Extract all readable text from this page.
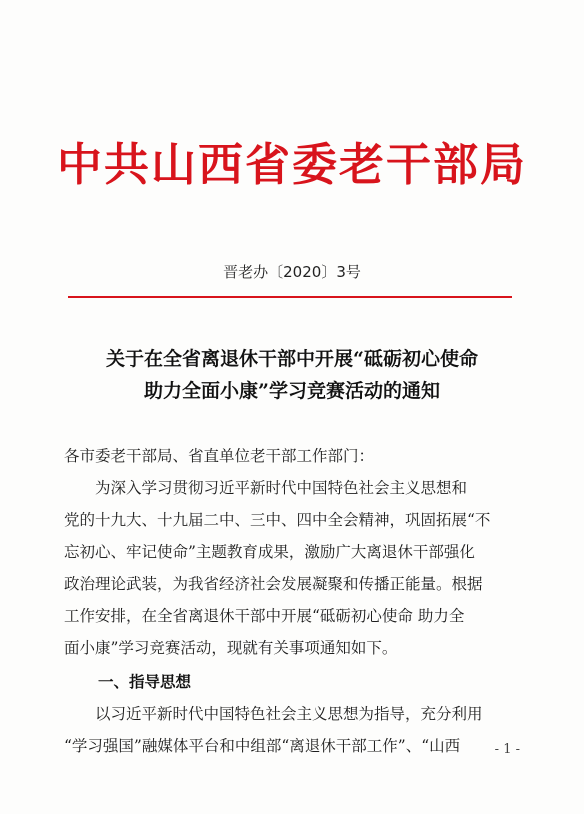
中共山西省委老干部局
晋老办〔2020〕3号
关于在全省离退休干部中开展“砥砺初心使命
助力全面小康”学习竞赛活动的通知
各市委老干部局、省直单位老干部工作部门：
为深入学习贯彻习近平新时代中国特色社会主义思想和
党的十九大、十九届二中、三中、四中全会精神，巩固拓展“不
忘初心、牢记使命”主题教育成果，激励广大离退休干部强化
政治理论武装，为我省经济社会发展凝聚和传播正能量。根据
工作安排，在全省离退休干部中开展“砥砺初心使命 助力全
面小康”学习竞赛活动，现就有关事项通知如下。
一、指导思想
以习近平新时代中国特色社会主义思想为指导，充分利用
“学习强国”融媒体平台和中组部“离退休干部工作”、“山西	- 1 -
